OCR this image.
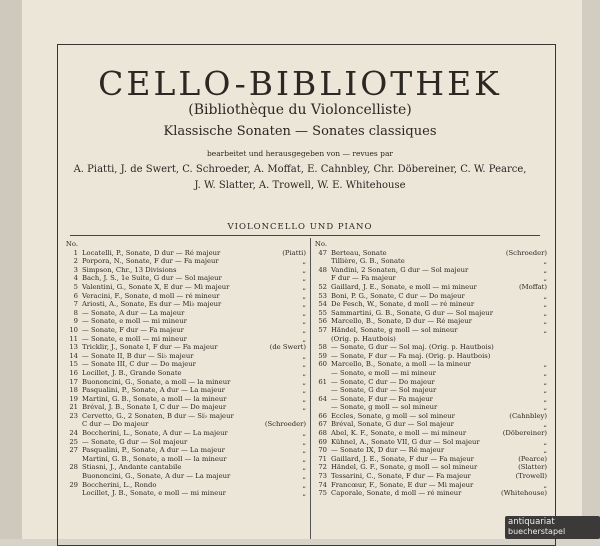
CELLO-BIBLIOTHEK
(Bibliothèque du Violoncelliste)
Klassische Sonaten — Sonates classiques
bearbeitet und herausgegeben von — revues par
A. Piatti, J. de Swert, C. Schroeder, A. Moffat, E. Cahnbley, Chr. Döbereiner, C. W. Pearce,
J. W. Slatter, A. Trowell, W. E. Whitehouse
VIOLONCELLO UND PIANO
No.
1 Locatelli, P., Sonate, D dur — Ré majeur	(Piatti)
2 Porpora, N., Sonate, F dur — Fa majeur	„
3 Simpson, Chr., 13 Divisions	„
4 Bach, J. S., 1e Suite, G dur — Sol majeur	„
5 Valentini, G., Sonate X, E dur — Mi majeur	„
6 Veracini, F., Sonate, d moll — ré mineur	„
7 Ariosti, A., Sonate, Es dur — Mi♭ majeur	„
8 — Sonate, A dur — La majeur	„
9 — Sonate, e moll — mi mineur	„
10 — Sonate, F dur — Fa majeur	„
11 — Sonate, e moll — mi mineur	„
13 Tricklir, J., Sonate I, F dur — Fa majeur	(de Swert)
14 — Sonate II, B dur — Si♭ majeur	„
15 — Sonate III, C dur — Do majeur	„
16 Locillet, J. B., Grande Sonate	„
17 Buononcini, G., Sonate, a moll — la mineur	„
18 Pasqualini, P., Sonate, A dur — La majeur	„
19 Martini, G. B., Sonate, a moll — la mineur	„
21 Bréval, J. B., Sonate I, C dur — Do majeur	„
23 Cervetto, G., 2 Sonaten, B dur — Si♭ majeur
C dur — Do majeur	(Schroeder)
24 Boccherini, L., Sonate, A dur — La majeur	„
25 — Sonate, G dur — Sol majeur	„
27 Pasqualini, P., Sonate, A dur — La majeur	„
Martini, G. B., Sonate, a moll — la mineur	„
28 Stiasni, J., Andante cantabile	„
Buononcini, G., Sonate, A dur — La majeur	„
29 Boccherini, L., Rondo	„
Locillet, J. B., Sonate, e moll — mi mineur	„
No.
47 Berteau, Sonate	(Schroeder)
Tillière, G. B., Sonate	„
48 Vandini, 2 Sonaten, G dur — Sol majeur	„
F dur — Fa majeur	„
52 Gaillard, J. E., Sonate, e moll — mi mineur	(Moffat)
53 Boni, P. G., Sonate, C dur — Do majeur	„
54 De Fesch, W., Sonate, d moll — ré mineur	„
55 Sammartini, G. B., Sonate, G dur — Sol majeur	„
56 Marcello, B., Sonate, D dur — Ré majeur	„
57 Händel, Sonate, g moll — sol mineur	„
(Orig. p. Hautbois)
58 — Sonate, G dur — Sol maj. (Orig. p. Hautbois)
59 — Sonate, F dur — Fa maj. (Orig. p. Hautbois)
60 Marcello, B., Sonate, a moll — la mineur	„
— Sonate, e moll — mi mineur	„
61 — Sonate, C dur — Do majeur	„
— Sonate, G dur — Sol majeur	„
64 — Sonate, F dur — Fa majeur	„
— Sonate, g moll — sol mineur	„
66 Eccles, Sonate, g moll — sol mineur	(Cahnbley)
67 Bréval, Sonate, G dur — Sol majeur	„
68 Abel, K. F., Sonate, e moll — mi mineur	(Döbereiner)
69 Kühnel, A., Sonate VII, G dur — Sol majeur	„
70 — Sonate IX, D dur — Ré majeur	„
71 Gaillard, J. E., Sonate, F dur — Fa majeur	(Pearce)
72 Händel, G. F., Sonate, g moll — sol mineur	(Slatter)
73 Tessarini, C., Sonate, F dur — Fa majeur	(Trowell)
74 Francœur, F., Sonate, E dur — Mi majeur	„
75 Caporale, Sonate, d moll — ré mineur	(Whitehouse)
antiquariat
buecherstapel
